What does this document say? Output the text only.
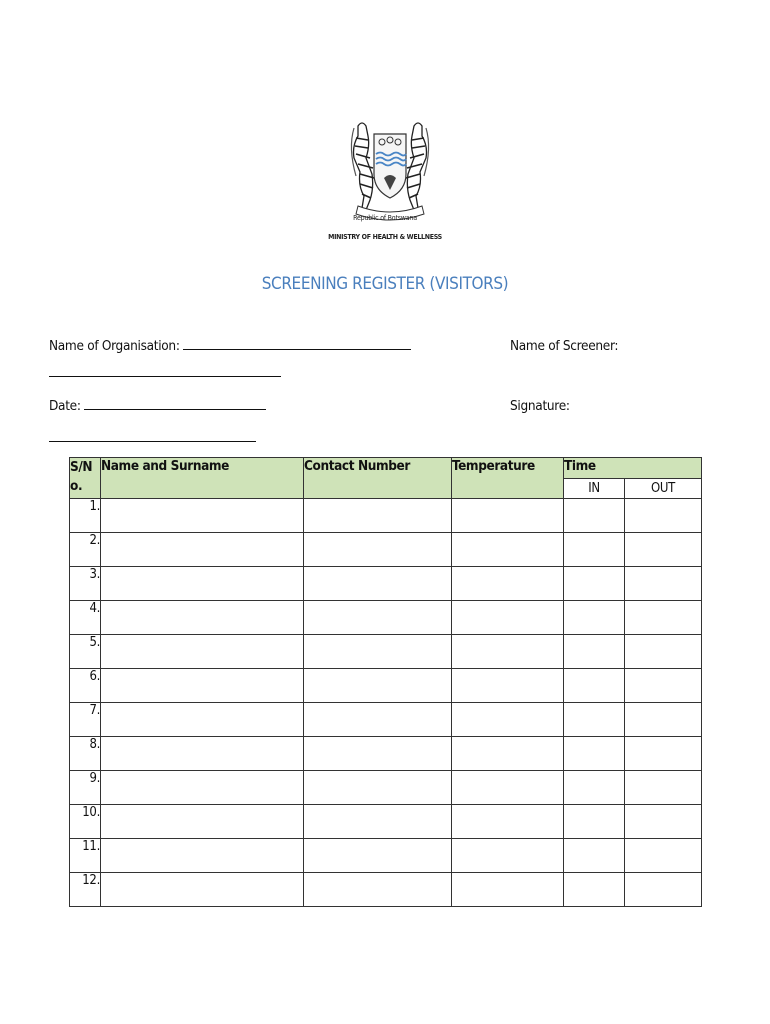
Republic of Botswana
MINISTRY OF HEALTH & WELLNESS
SCREENING REGISTER (VISITORS)
Name of Organisation:	Name of Screener:
Date:	Signature:
S/N o.	Name and Surname	Contact Number	Temperature	Time	
				IN	OUT
1.					
2.					
3.					
4.					
5.					
6.					
7.					
8.					
9.					
10.					
11.					
12.					
